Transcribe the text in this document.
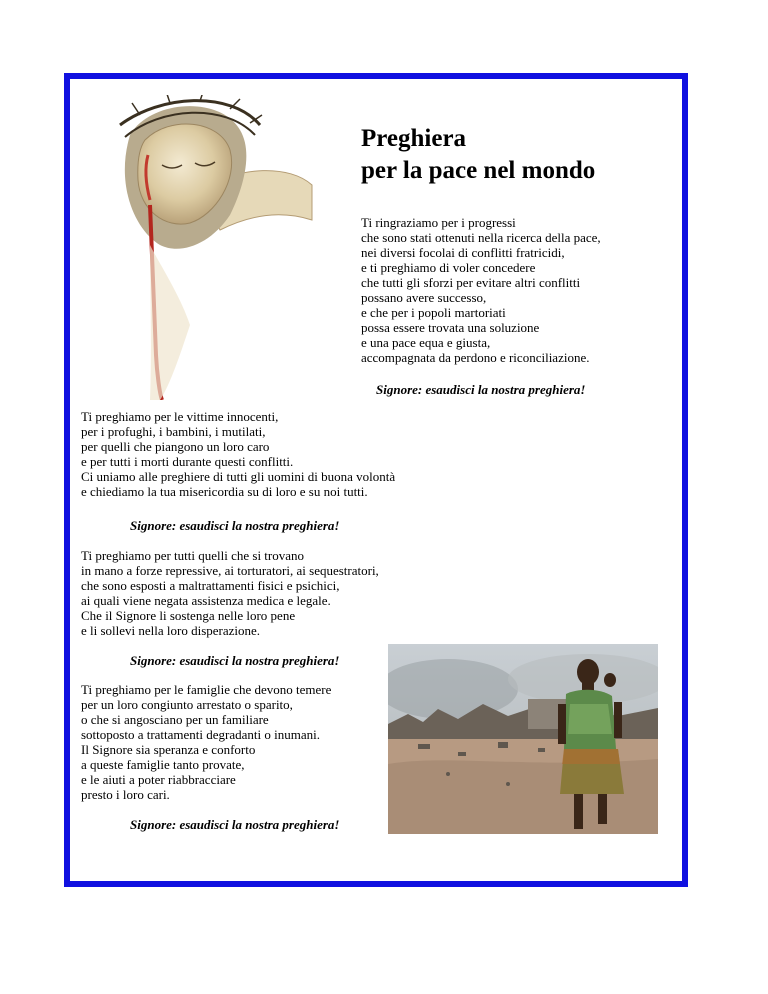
Preghiera
per la pace nel mondo
Ti ringraziamo per i progressi
che sono stati ottenuti nella ricerca della pace,
nei diversi focolai di conflitti fratricidi,
e ti preghiamo di voler concedere
che tutti gli sforzi per evitare altri conflitti
possano avere successo,
e che per i popoli martoriati
possa essere trovata una soluzione
e una pace equa e giusta,
accompagnata da perdono e riconciliazione.
Signore: esaudisci la nostra preghiera!
Ti preghiamo per le vittime innocenti,
per i profughi, i bambini, i mutilati,
per quelli che piangono un loro caro
e per tutti i morti durante questi conflitti.
Ci uniamo alle preghiere di tutti gli uomini di buona volontà
e chiediamo la tua misericordia su di loro e su noi tutti.
Signore: esaudisci la nostra preghiera!
Ti preghiamo per tutti quelli che si trovano
in mano a forze repressive, ai torturatori, ai sequestratori,
che sono esposti a maltrattamenti fisici e psichici,
ai quali viene negata assistenza medica e legale.
Che il Signore li sostenga nelle loro pene
e li sollevi nella loro disperazione.
Signore: esaudisci la nostra preghiera!
Ti preghiamo per le famiglie che devono temere
per un loro congiunto arrestato o sparito,
o che si angosciano per un familiare
sottoposto a trattamenti degradanti o inumani.
Il Signore sia speranza e conforto
a queste famiglie tanto provate,
e le aiuti a poter riabbracciare
presto i loro cari.
Signore: esaudisci la nostra preghiera!
